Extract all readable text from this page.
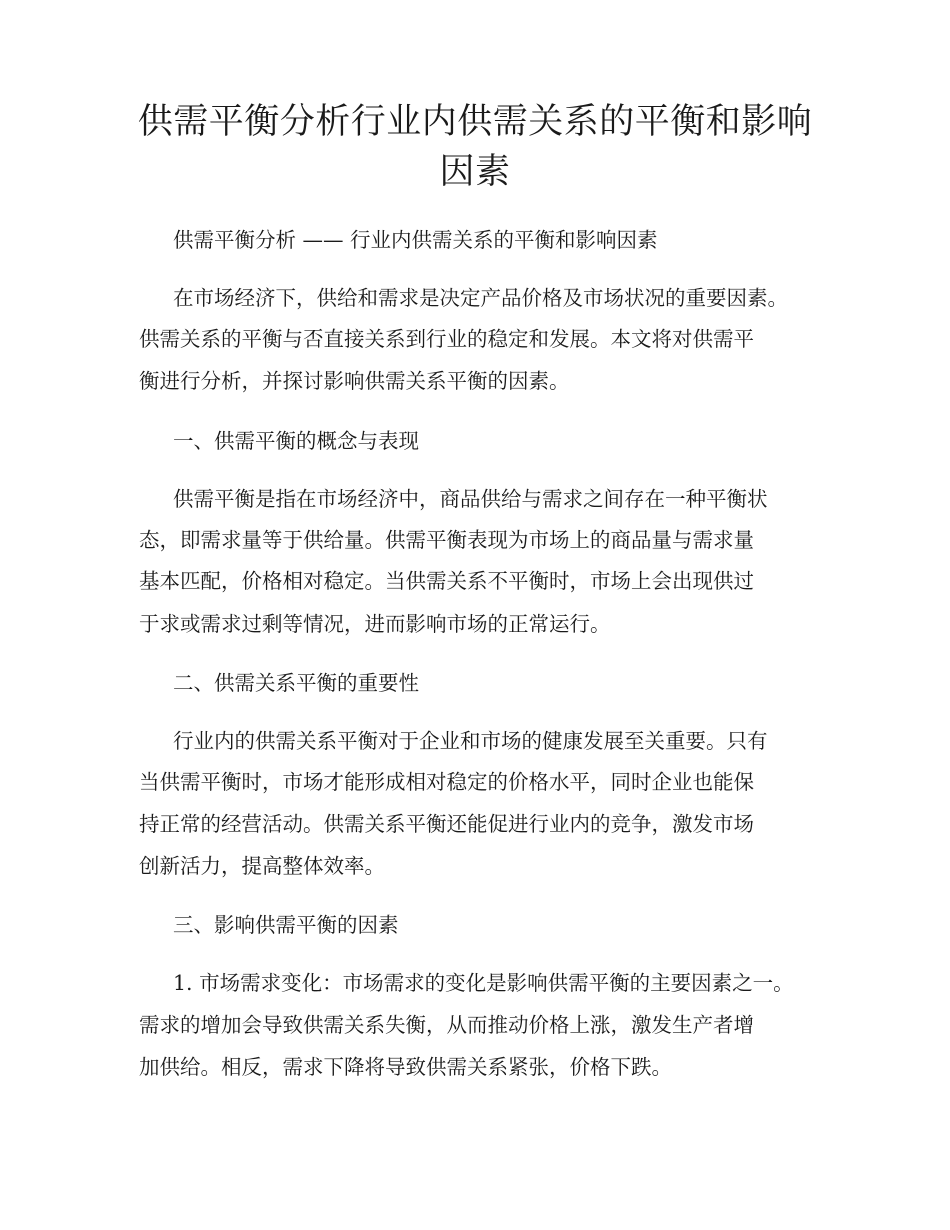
供需平衡分析行业内供需关系的平衡和影响
因素

供需平衡分析 —— 行业内供需关系的平衡和影响因素

在市场经济下，供给和需求是决定产品价格及市场状况的重要因素。

供需关系的平衡与否直接关系到行业的稳定和发展。本文将对供需平

衡进行分析，并探讨影响供需关系平衡的因素。

一、供需平衡的概念与表现

供需平衡是指在市场经济中，商品供给与需求之间存在一种平衡状

态，即需求量等于供给量。供需平衡表现为市场上的商品量与需求量

基本匹配，价格相对稳定。当供需关系不平衡时，市场上会出现供过

于求或需求过剩等情况，进而影响市场的正常运行。

二、供需关系平衡的重要性

行业内的供需关系平衡对于企业和市场的健康发展至关重要。只有

当供需平衡时，市场才能形成相对稳定的价格水平，同时企业也能保

持正常的经营活动。供需关系平衡还能促进行业内的竞争，激发市场

创新活力，提高整体效率。

三、影响供需平衡的因素

1. 市场需求变化：市场需求的变化是影响供需平衡的主要因素之一。

需求的增加会导致供需关系失衡，从而推动价格上涨，激发生产者增

加供给。相反，需求下降将导致供需关系紧张，价格下跌。
